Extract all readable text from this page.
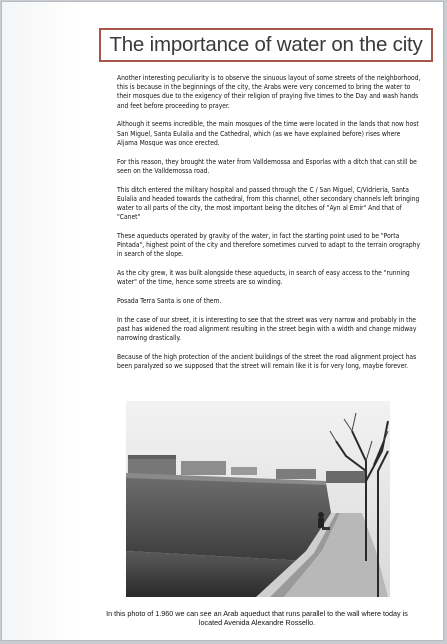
The importance of water on the city

Another interesting peculiarity is to observe the sinuous layout of some streets of the neighborhood, this is because in the beginnings of the city, the Arabs were very concerned to bring the water to their mosques due to the exigency of their religion of praying five times to the Day and wash hands and feet before proceeding to prayer.

Although it seems incredible, the main mosques of the time were located in the lands that now host San Miguel, Santa Eulalia and the Cathedral, which (as we have explained before) rises where Aljama Mosque was once erected.

For this reason, they brought the water from Valldemossa and Esporlas with a ditch that can still be seen on the Valldemossa road.

This ditch entered the military hospital and passed through the C / San Miguel, C/Vidrieria, Santa Eulalia and headed towards the cathedral, from this channel, other secondary channels left bringing water to all parts of the city, the most important being the ditches of "Ayn al Emir" And that of "Canet"

These aqueducts operated by gravity of the water, in fact the starting point used to be "Porta Pintada", highest point of the city and therefore sometimes curved to adapt to the terrain orography in search of the slope.

As the city grew, it was built alongside these aqueducts, in search of easy access to the "running water" of the time, hence some streets are so winding.

Posada Terra Santa is one of them.

In the case of our street, it is interesting to see that the street was very narrow and probably in the past has widened the road alignment resulting in the street begin with a width and change midway narrowing drastically.

Because of the high protection of the ancient buildings of the street the road alignment project has been paralyzed so we supposed that the street will remain like it is for very long, maybe forever.

In this photo of 1.960 we can see an Arab aqueduct that runs parallel to the wall where today is located Avenida Alexandre Rossello.
